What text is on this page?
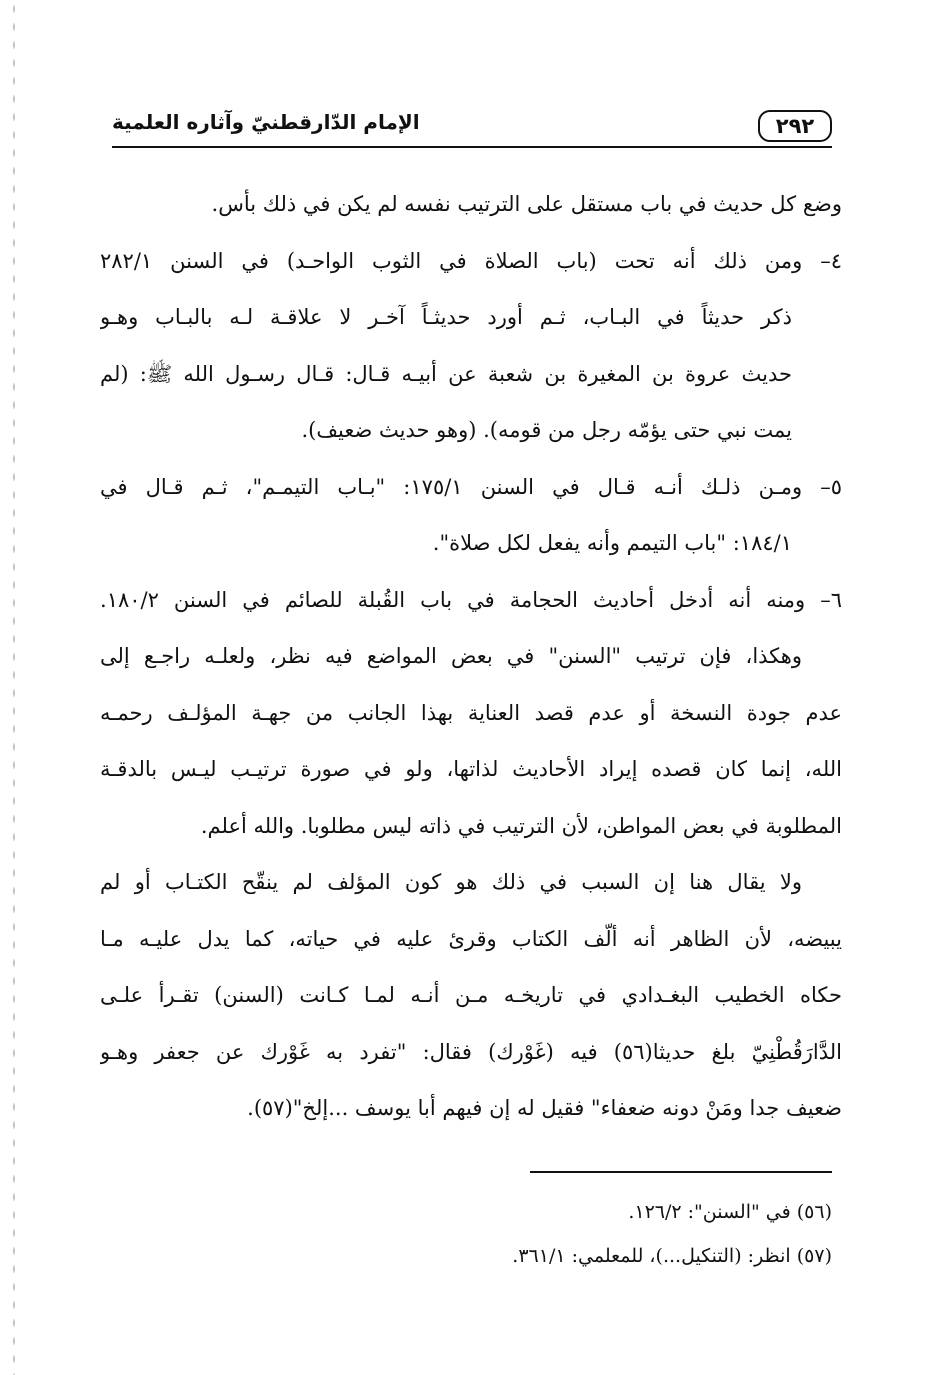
٢٩٢
الإمام الدّارقطنيّ وآثاره العلمية
وضع كل حديث في باب مستقل على الترتيب نفسه لم يكن في ذلك بأس.
٤– ومن ذلك أنه تحت (باب الصلاة في الثوب الواحـد) في السنن ٢٨٢/١
ذكر حديثاً في البـاب، ثـم أورد حديثـاً آخـر لا علاقـة لـه بالبـاب وهـو
حديث عروة بن المغيرة بن شعبة عن أبيـه قـال: قـال رسـول الله ﷺ: (لم
يمت نبي حتى يؤمّه رجل من قومه). (وهو حديث ضعيف).
٥– ومـن ذلـك أنـه قـال في السنن ١٧٥/١: "بـاب التيمـم"، ثـم قـال في
١٨٤/١: "باب التيمم وأنه يفعل لكل صلاة".
٦– ومنه أنه أدخل أحاديث الحجامة في باب القُبلة للصائم في السنن ١٨٠/٢.
وهكذا، فإن ترتيب "السنن" في بعض المواضع فيه نظر، ولعلـه راجـع إلى
عدم جودة النسخة أو عدم قصد العناية بهذا الجانب من جهـة المؤلـف رحمـه
الله، إنما كان قصده إيراد الأحاديث لذاتها، ولو في صورة ترتيـب ليـس بالدقـة
المطلوبة في بعض المواطن، لأن الترتيب في ذاته ليس مطلوبا. والله أعلم.
ولا يقال هنا إن السبب في ذلك هو كون المؤلف لم ينقّح الكتـاب أو لم
يبيضه، لأن الظاهر أنه ألّف الكتاب وقرئ عليه في حياته، كما يدل عليـه مـا
حكاه الخطيب البغـدادي في تاريخـه مـن أنـه لمـا كـانت (السنن) تقـرأ علـى
الدَّارَقُطْنِيّ بلغ حديثا(٥٦) فيه (غَوْرك) فقال: "تفرد به غَوْرك عن جعفر وهـو
ضعيف جدا ومَنْ دونه ضعفاء" فقيل له إن فيهم أبا يوسف ...إلخ"(٥٧).
(٥٦) في "السنن": ١٢٦/٢.
(٥٧) انظر: (التنكيل...)، للمعلمي: ٣٦١/١.
